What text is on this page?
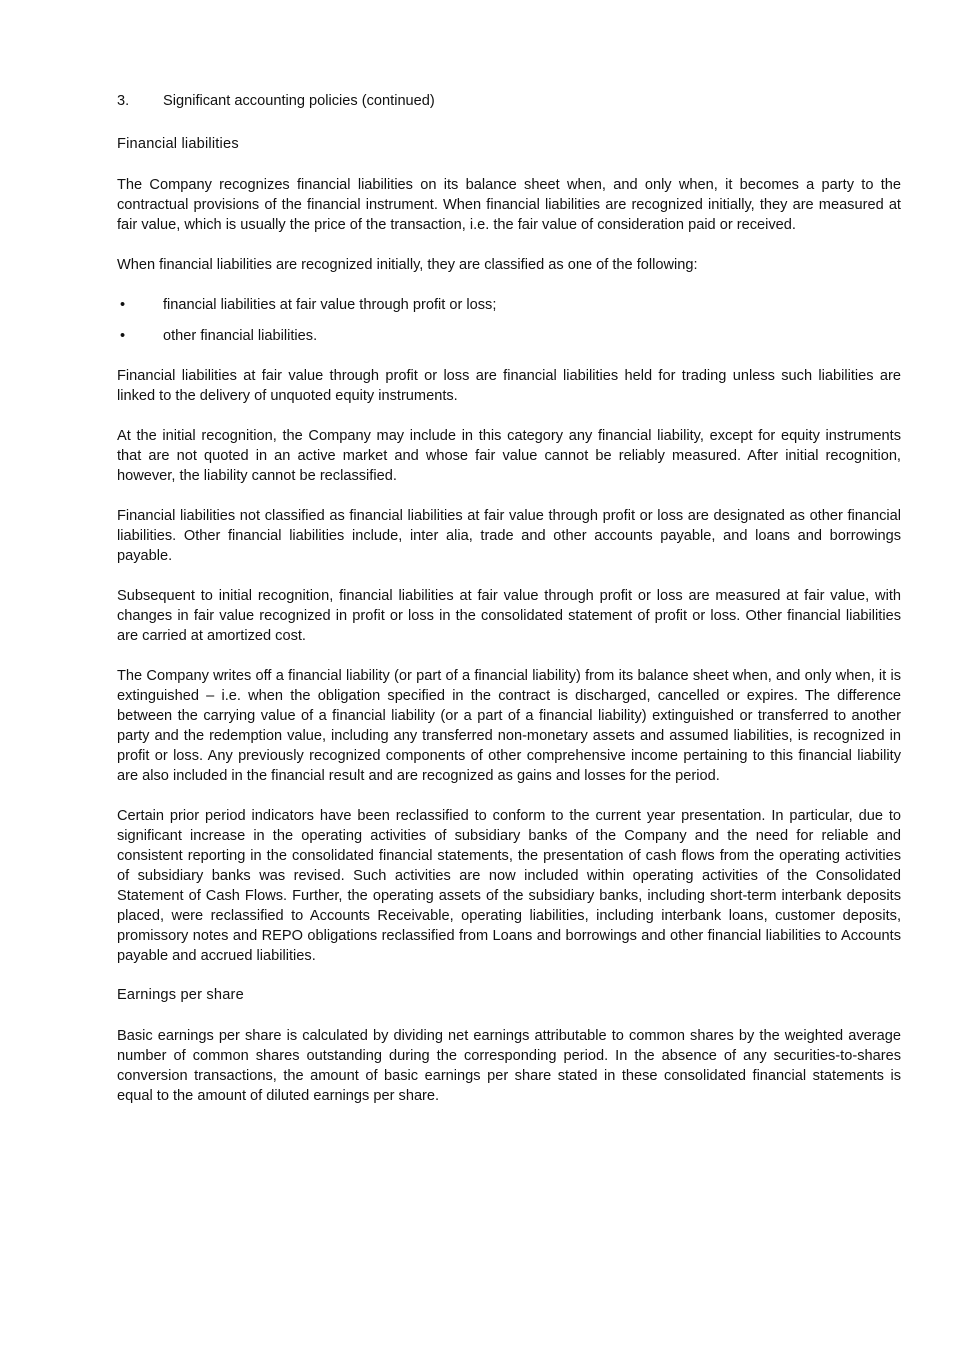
3.	Significant accounting policies (continued)
Financial liabilities

The Company recognizes financial liabilities on its balance sheet when, and only when, it becomes a party to the contractual provisions of the financial instrument. When financial liabilities are recognized initially, they are measured at fair value, which is usually the price of the transaction, i.e. the fair value of consideration paid or received.

When financial liabilities are recognized initially, they are classified as one of the following:

•	financial liabilities at fair value through profit or loss;
•	other financial liabilities.

Financial liabilities at fair value through profit or loss are financial liabilities held for trading unless such liabilities are linked to the delivery of unquoted equity instruments.

At the initial recognition, the Company may include in this category any financial liability, except for equity instruments that are not quoted in an active market and whose fair value cannot be reliably measured. After initial recognition, however, the liability cannot be reclassified.

Financial liabilities not classified as financial liabilities at fair value through profit or loss are designated as other financial liabilities. Other financial liabilities include, inter alia, trade and other accounts payable, and loans and borrowings payable.

Subsequent to initial recognition, financial liabilities at fair value through profit or loss are measured at fair value, with changes in fair value recognized in profit or loss in the consolidated statement of profit or loss. Other financial liabilities are carried at amortized cost.

The Company writes off a financial liability (or part of a financial liability) from its balance sheet when, and only when, it is extinguished – i.e. when the obligation specified in the contract is discharged, cancelled or expires. The difference between the carrying value of a financial liability (or a part of a financial liability) extinguished or transferred to another party and the redemption value, including any transferred non-monetary assets and assumed liabilities, is recognized in profit or loss. Any previously recognized components of other comprehensive income pertaining to this financial liability are also included in the financial result and are recognized as gains and losses for the period.

Certain prior period indicators have been reclassified to conform to the current year presentation. In particular, due to significant increase in the operating activities of subsidiary banks of the Company and the need for reliable and consistent reporting in the consolidated financial statements, the presentation of cash flows from the operating activities of subsidiary banks was revised. Such activities are now included within operating activities of the Consolidated Statement of Cash Flows. Further, the operating assets of the subsidiary banks, including short-term interbank deposits placed, were reclassified to Accounts Receivable, operating liabilities, including interbank loans, customer deposits, promissory notes and REPO obligations reclassified from Loans and borrowings and other financial liabilities to Accounts payable and accrued liabilities.

Earnings per share

Basic earnings per share is calculated by dividing net earnings attributable to common shares by the weighted average number of common shares outstanding during the corresponding period. In the absence of any securities-to-shares conversion transactions, the amount of basic earnings per share stated in these consolidated financial statements is equal to the amount of diluted earnings per share.
